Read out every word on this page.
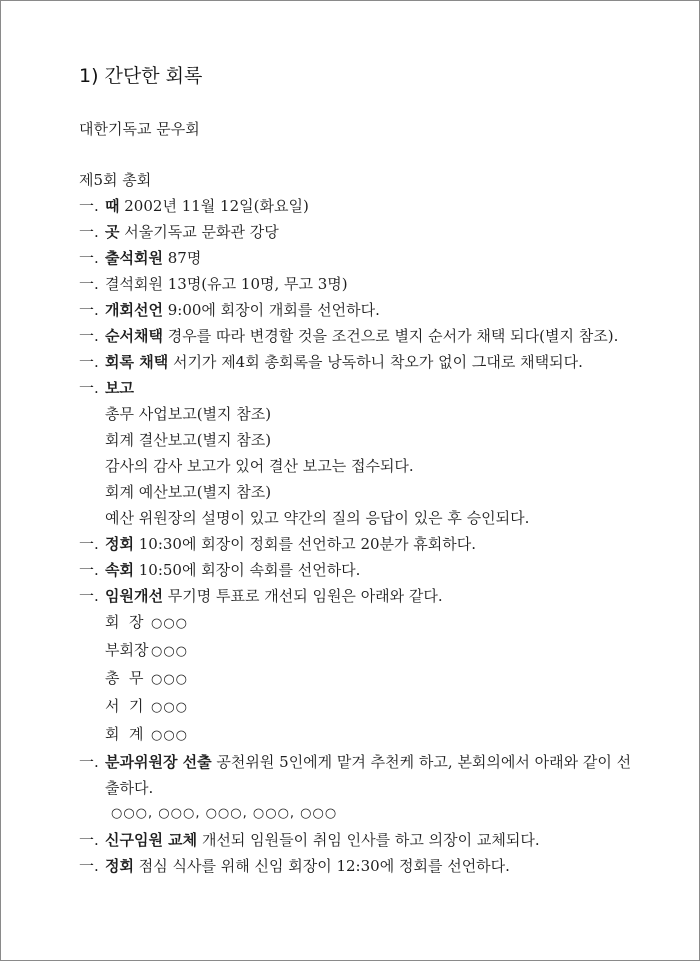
1) 간단한 회록
대한기독교 문우회
제5회 총회
一. 때 2002년 11월 12일(화요일)
一. 곳 서울기독교 문화관 강당
一. 출석회원 87명
一. 결석회원 13명(유고 10명, 무고 3명)
一. 개회선언 9:00에 회장이 개회를 선언하다.
一. 순서채택 경우를 따라 변경할 것을 조건으로 별지 순서가 채택 되다(별지 참조).
一. 회록 채택 서기가 제4회 총회록을 낭독하니 착오가 없이 그대로 채택되다.
一. 보고
총무 사업보고(별지 참조)
회계 결산보고(별지 참조)
감사의 감사 보고가 있어 결산 보고는 접수되다.
회계 예산보고(별지 참조)
예산 위원장의 설명이 있고 약간의 질의 응답이 있은 후 승인되다.
一. 정회 10:30에 회장이 정회를 선언하고 20분가 휴회하다.
一. 속회 10:50에 회장이 속회를 선언하다.
一. 임원개선 무기명 투표로 개선되 임원은 아래와 같다.
회  장 ○○○
부회장 ○○○
총  무 ○○○
서  기 ○○○
회  계 ○○○
一. 분과위원장 선출 공천위원 5인에게 맡겨 추천케 하고, 본회의에서 아래와 같이 선출하다.
○○○, ○○○, ○○○, ○○○, ○○○
一. 신구임원 교체 개선되 임원들이 취임 인사를 하고 의장이 교체되다.
一. 정회 점심 식사를 위해 신임 회장이 12:30에 정회를 선언하다.
